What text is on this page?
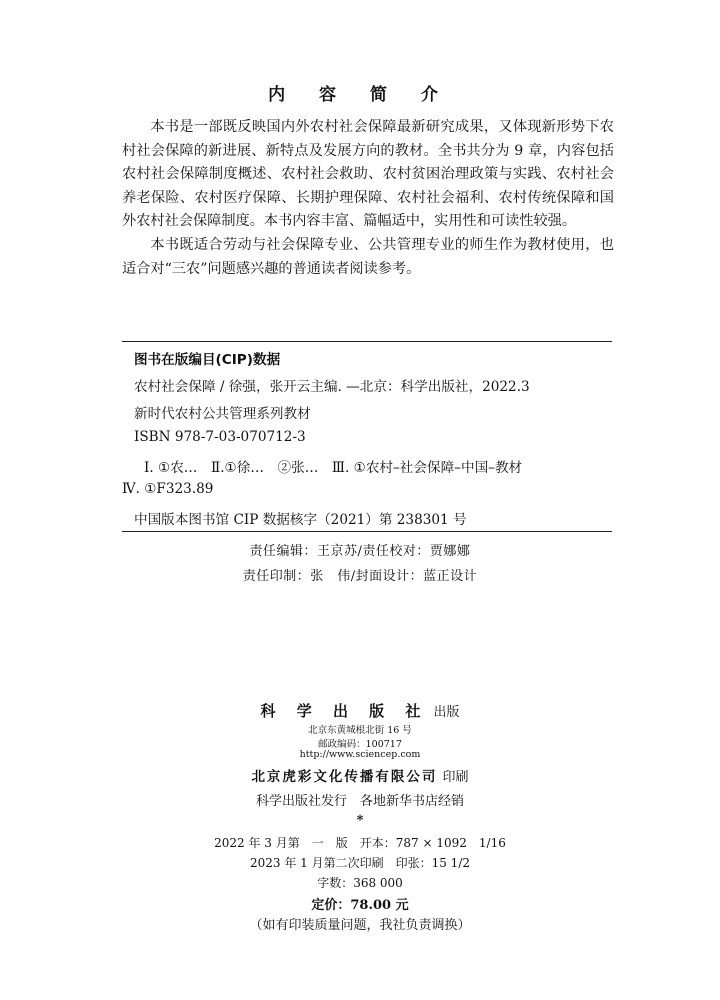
内 容 简 介

本书是一部既反映国内外农村社会保障最新研究成果，又体现新形势下农村社会保障的新进展、新特点及发展方向的教材。全书共分为 9 章，内容包括农村社会保障制度概述、农村社会救助、农村贫困治理政策与实践、农村社会养老保险、农村医疗保障、长期护理保障、农村社会福利、农村传统保障和国外农村社会保障制度。本书内容丰富、篇幅适中，实用性和可读性较强。

本书既适合劳动与社会保障专业、公共管理专业的师生作为教材使用，也适合对“三农”问题感兴趣的普通读者阅读参考。

图书在版编目(CIP)数据
农村社会保障 / 徐强，张开云主编. —北京：科学出版社，2022.3
新时代农村公共管理系列教材
ISBN 978-7-03-070712-3
Ⅰ. ①农…　Ⅱ.①徐…　②张…　Ⅲ. ①农村–社会保障–中国–教材
Ⅳ. ①F323.89
中国版本图书馆 CIP 数据核字（2021）第 238301 号
责任编辑：王京苏/责任校对：贾娜娜
责任印制：张　伟/封面设计：蓝正设计
科 学 出 版 社 出版
北京东黄城根北街 16 号
邮政编码：100717
http://www.sciencep.com
北京虎彩文化传播有限公司 印刷
科学出版社发行　各地新华书店经销
*
2022 年 3 月第　一　版　开本：787 × 1092　1/16
2023 年 1 月第二次印刷　印张：15 1/2
字数：368 000
定价：78.00 元
（如有印装质量问题，我社负责调换）
